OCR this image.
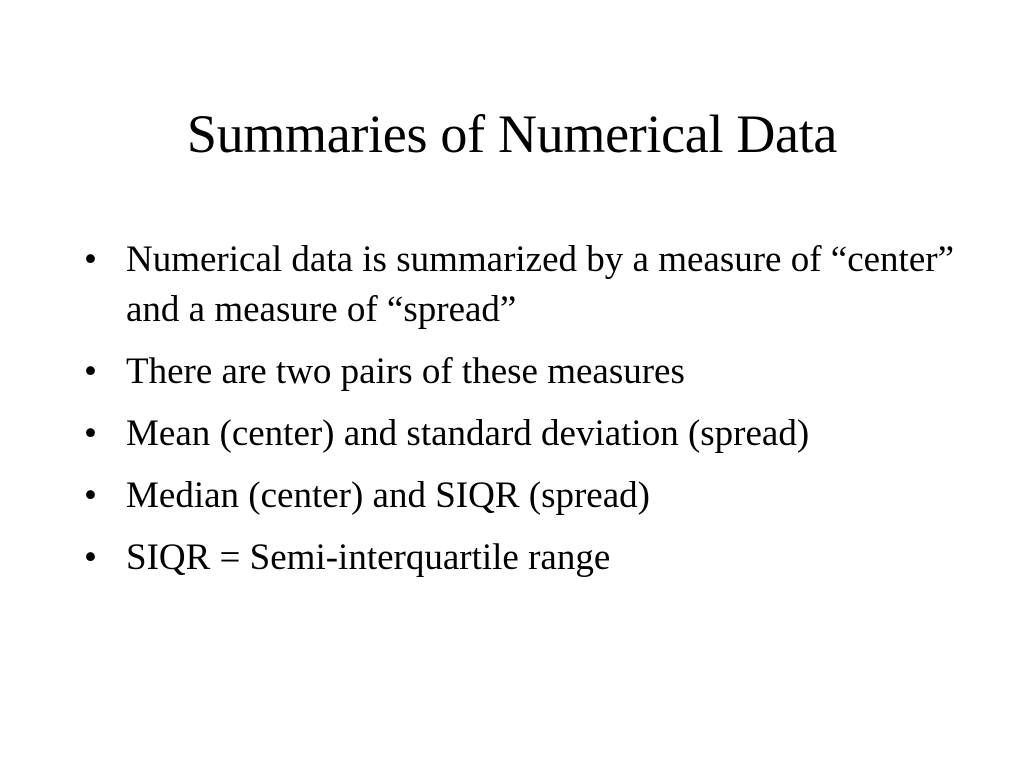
Summaries of Numerical Data
• Numerical data is summarized by a measure of “center” and a measure of “spread”
• There are two pairs of these measures
• Mean (center) and standard deviation (spread)
• Median (center) and SIQR (spread)
• SIQR = Semi-interquartile range
